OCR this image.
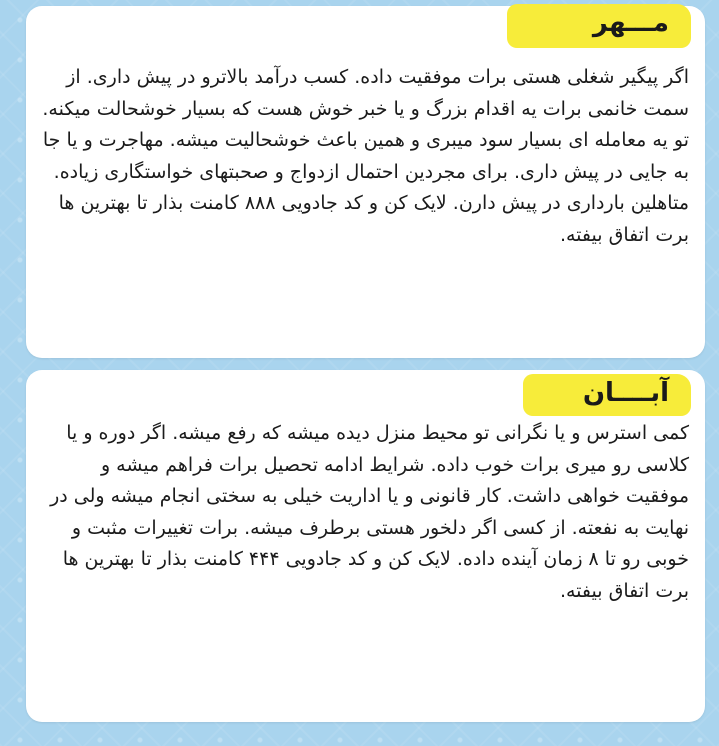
مـــهر
اگر پیگیر شغلی هستی برات موفقیت داده. کسب درآمد بالاترو در پیش داری. از سمت خانمی برات یه اقدام بزرگ و یا خبر خوش هست که بسیار خوشحالت میکنه. تو یه معامله ای بسیار سود میبری و همین باعث خوشحالیت میشه. مهاجرت و یا جا به جایی در پیش داری. برای مجردین احتمال ازدواج و صحبتهای خواستگاری زیاده. متاهلین بارداری در پیش دارن. لایک کن و کد جادویی ۸۸۸ کامنت بذار تا بهترین ها برت اتفاق بیفته.
آبــــان
کمی استرس و یا نگرانی تو محیط منزل دیده میشه که رفع میشه. اگر دوره و یا کلاسی رو میری برات خوب داده. شرایط ادامه تحصیل برات فراهم میشه و موفقیت خواهی داشت. کار قانونی و یا اداریت خیلی به سختی انجام میشه ولی در نهایت به نفعته. از کسی اگر دلخور هستی برطرف میشه. برات تغییرات مثبت و خوبی رو تا ۸ زمان آینده داده. لایک کن و کد جادویی ۴۴۴ کامنت بذار تا بهترین ها برت اتفاق بیفته.
